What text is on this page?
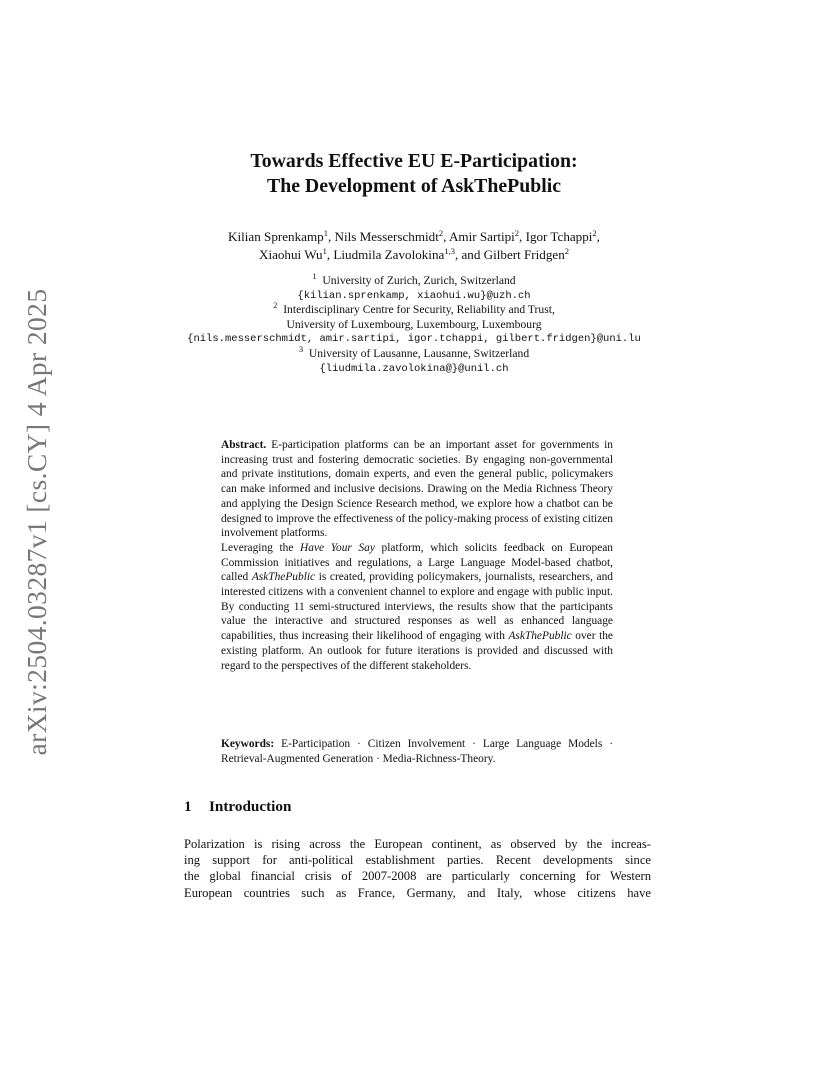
arXiv:2504.03287v1 [cs.CY] 4 Apr 2025
Towards Effective EU E-Participation:
The Development of AskThePublic
Kilian Sprenkamp$^1$, Nils Messerschmidt$^2$, Amir Sartipi$^2$, Igor Tchappi$^2$,
Xiaohui Wu$^1$, Liudmila Zavolokina$^{1,3}$, and Gilbert Fridgen$^2$
$^1$ University of Zurich, Zurich, Switzerland
{kilian.sprenkamp, xiaohui.wu}@uzh.ch
$^2$ Interdisciplinary Centre for Security, Reliability and Trust,
University of Luxembourg, Luxembourg, Luxembourg
{nils.messerschmidt, amir.sartipi, igor.tchappi, gilbert.fridgen}@uni.lu
$^3$ University of Lausanne, Lausanne, Switzerland
{liudmila.zavolokina@}@unil.ch

Abstract. E-participation platforms can be an important asset for governments in increasing trust and fostering democratic societies. By engaging non-governmental and private institutions, domain experts, and even the general public, policymakers can make informed and inclusive decisions. Drawing on the Media Richness Theory and applying the Design Science Research method, we explore how a chatbot can be designed to improve the effectiveness of the policy-making process of existing citizen involvement platforms.

Leveraging the Have Your Say platform, which solicits feedback on European Commission initiatives and regulations, a Large Language Model-based chatbot, called AskThePublic is created, providing policymakers, journalists, researchers, and interested citizens with a convenient channel to explore and engage with public input. By conducting 11 semi-structured interviews, the results show that the participants value the interactive and structured responses as well as enhanced language capabilities, thus increasing their likelihood of engaging with AskThePublic over the existing platform. An outlook for future iterations is provided and discussed with regard to the perspectives of the different stakeholders.

Keywords: E-Participation · Citizen Involvement · Large Language Models · Retrieval-Augmented Generation · Media-Richness-Theory.
1 Introduction
Polarization is rising across the European continent, as observed by the increas-
ing support for anti-political establishment parties. Recent developments since
the global financial crisis of 2007-2008 are particularly concerning for Western
European countries such as France, Germany, and Italy, whose citizens have
